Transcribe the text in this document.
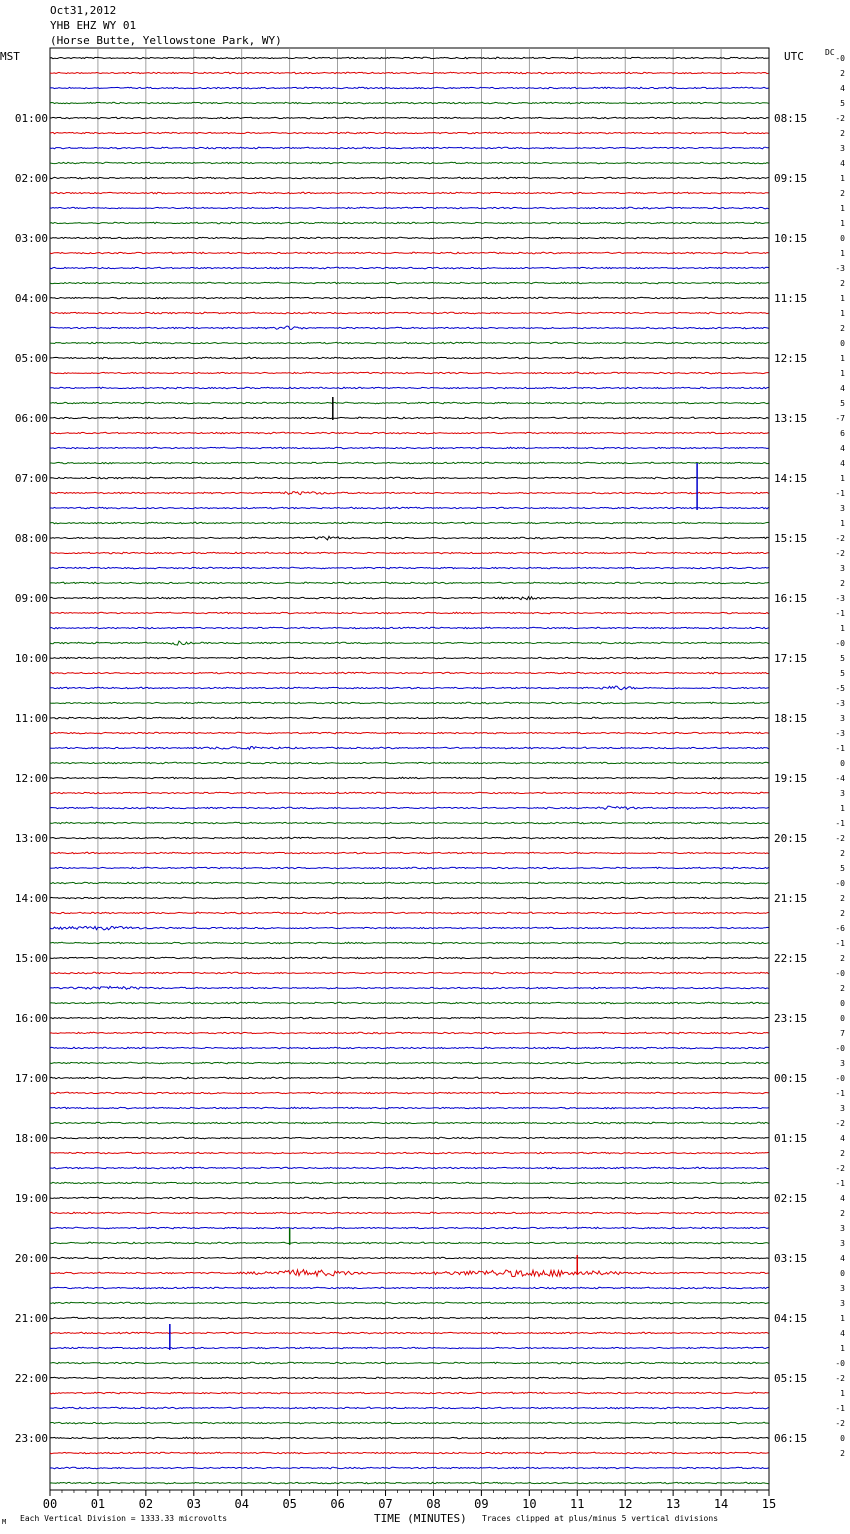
Oct31,2012
YHB EHZ WY 01
(Horse Butte, Yellowstone Park, WY)
MST	UTC	DC
00	01	02	03	04	05	06	07	08	09	10	11	12	13	14	15
01:00
02:00
03:00
04:00
05:00
06:00
07:00
08:00
09:00
10:00
11:00
12:00
13:00
14:00
15:00
16:00
17:00
18:00
19:00
20:00
21:00
22:00
23:00
08:15
09:15
10:15
11:15
12:15
13:15
14:15
15:15
16:15
17:15
18:15
19:15
20:15
21:15
22:15
23:15
00:15
01:15
02:15
03:15
04:15
05:15
06:15
-0
2
4
5
-2
2
3
4
1
2
1
1
0
1
-3
2
1
1
2
0
1
1
4
5
-7
6
4
4
1
-1
3
1
-2
-2
3
2
-3
-1
1
-0
5
5
-5
-3
3
-3
-1
0
-4
3
1
-1
-2
2
5
-0
2
2
-6
-1
2
-0
2
0
0
7
-0
3
-0
-1
3
-2
4
2
-2
-1
4
2
3
3
4
0
3
3
1
4
1
-0
-2
1
-1
-2
0
2
M Each Vertical Division = 1333.33 microvolts	TIME (MINUTES) Traces clipped at plus/minus 5 vertical divisions
